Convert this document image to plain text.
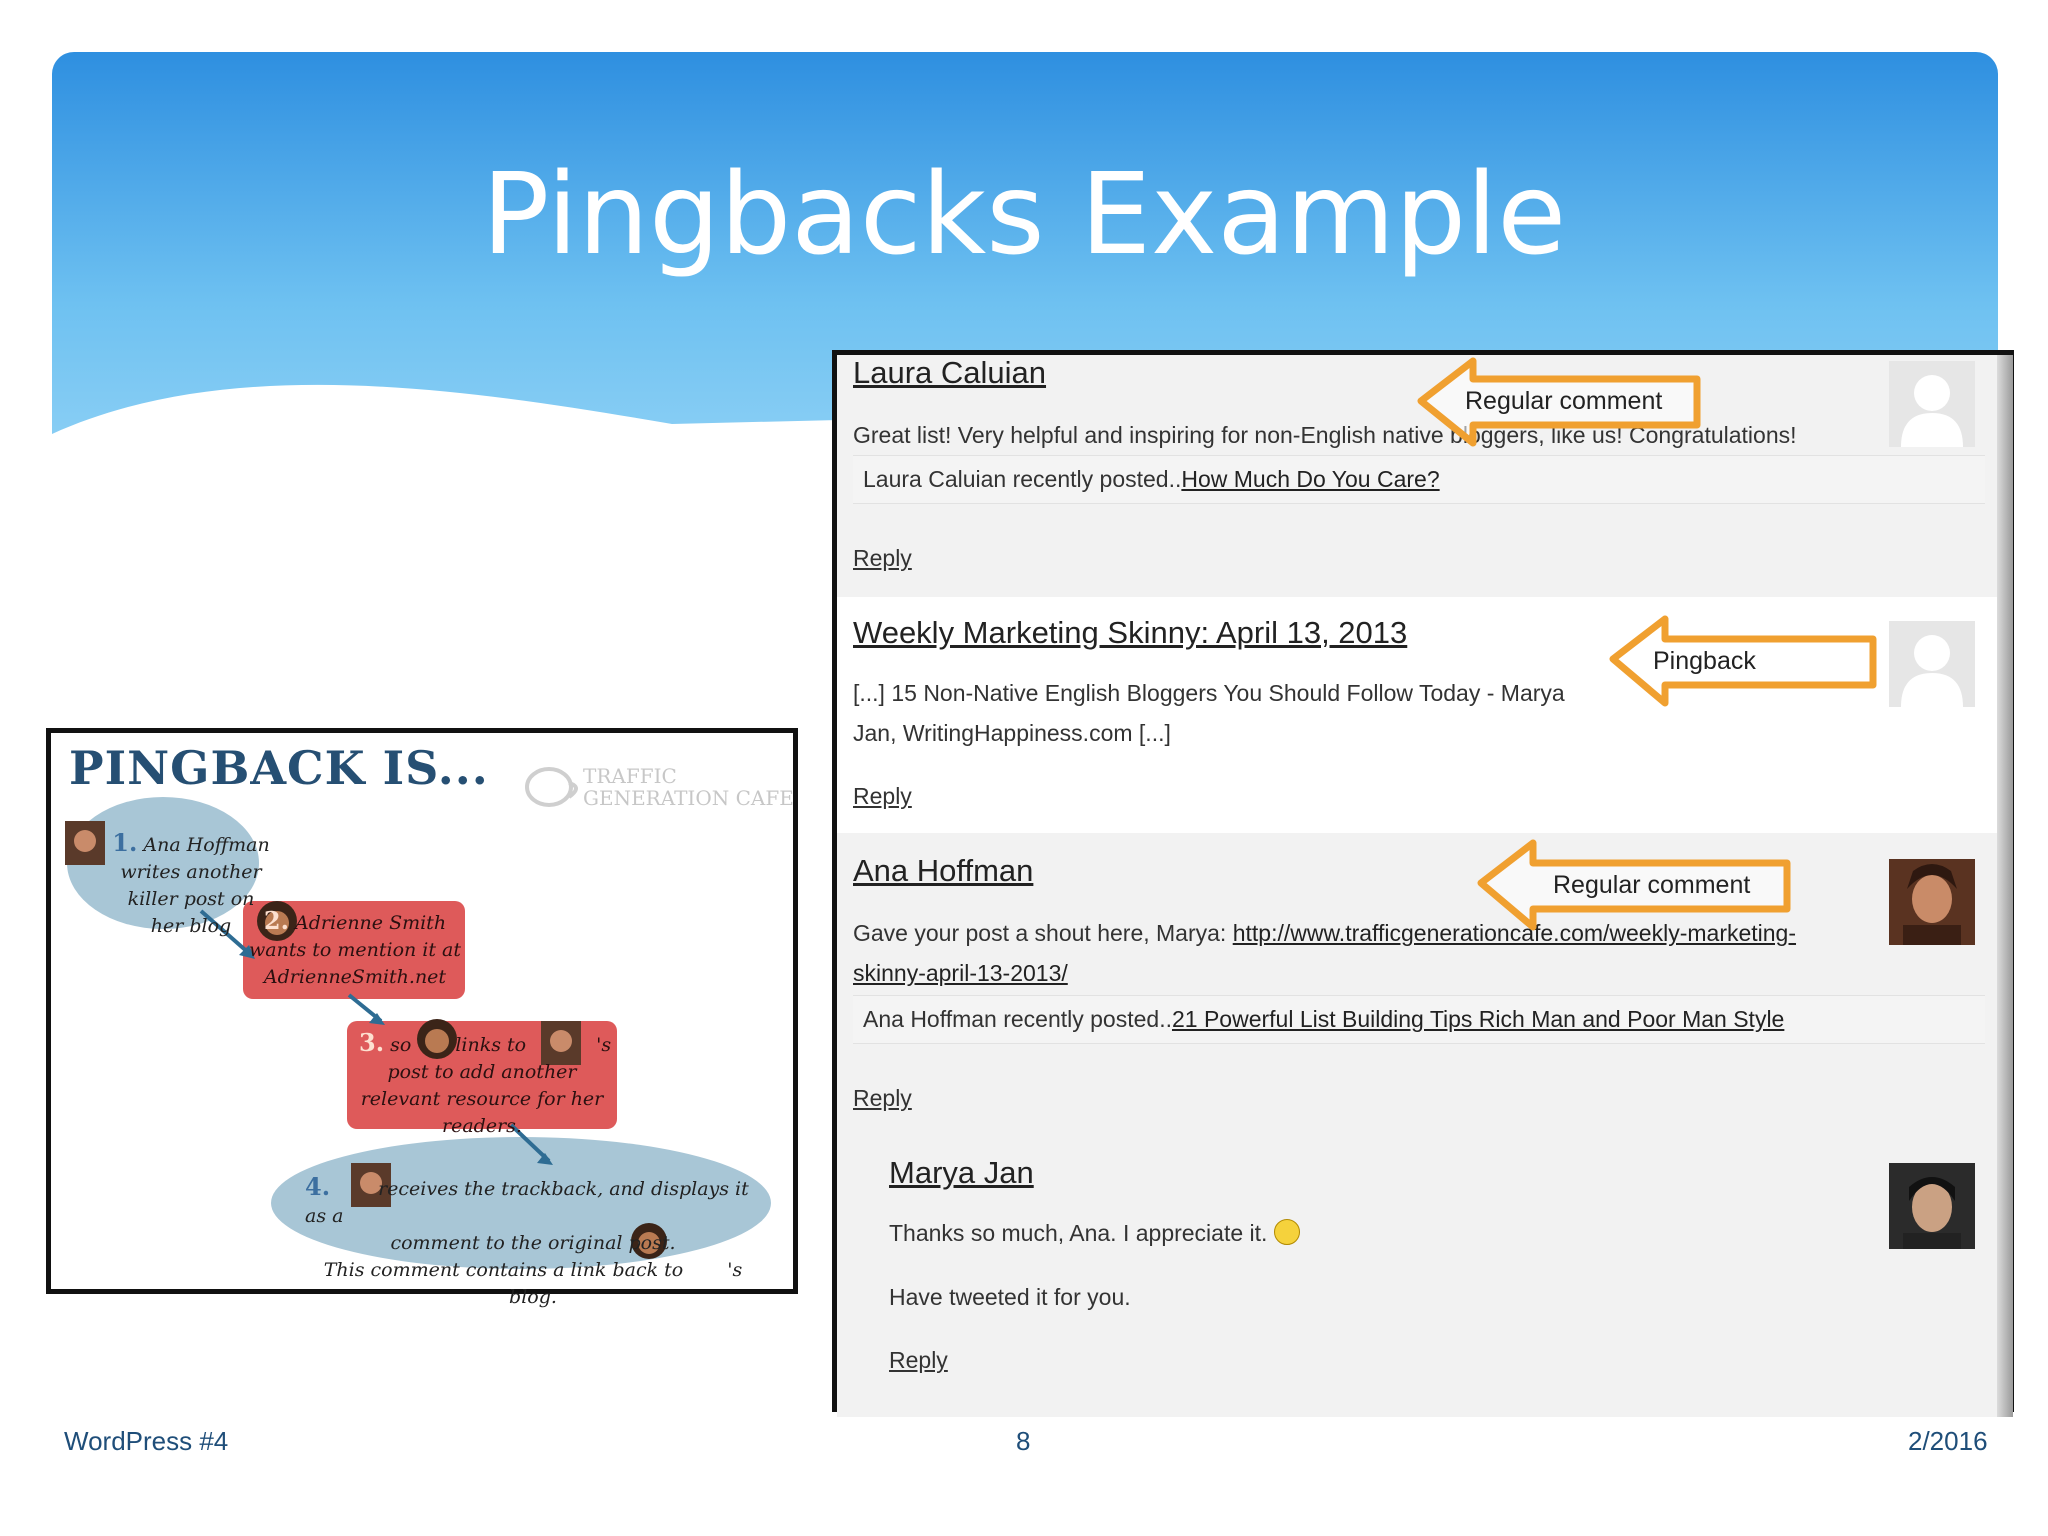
Pingbacks Example
PINGBACK IS...	TRAFFIC
GENERATION CAFE
1. Ana Hoffman writes another killer post on her blog	2. Adrienne Smith wants to mention it at AdrienneSmith.net
3. so links to	's
post to add another relevant resource for her readers.
4.	receives the trackback, and displays it as a
comment to the original post.
This comment contains a link back to 's blog.
Laura Caluian
Great list! Very helpful and inspiring for non-English native bloggers, like us! Congratulations!
Laura Caluian recently posted..How Much Do You Care?
Reply
Weekly Marketing Skinny: April 13, 2013
[...] 15 Non-Native English Bloggers You Should Follow Today - Marya
Jan, WritingHappiness.com [...]
Reply
Ana Hoffman
Gave your post a shout here, Marya: http://www.trafficgenerationcafe.com/weekly-marketing-
skinny-april-13-2013/
Ana Hoffman recently posted..21 Powerful List Building Tips Rich Man and Poor Man Style
Reply
Marya Jan
Thanks so much, Ana. I appreciate it.
Have tweeted it for you.
Reply
Regular comment
Pingback
Regular comment
WordPress #4	8	2/2016
